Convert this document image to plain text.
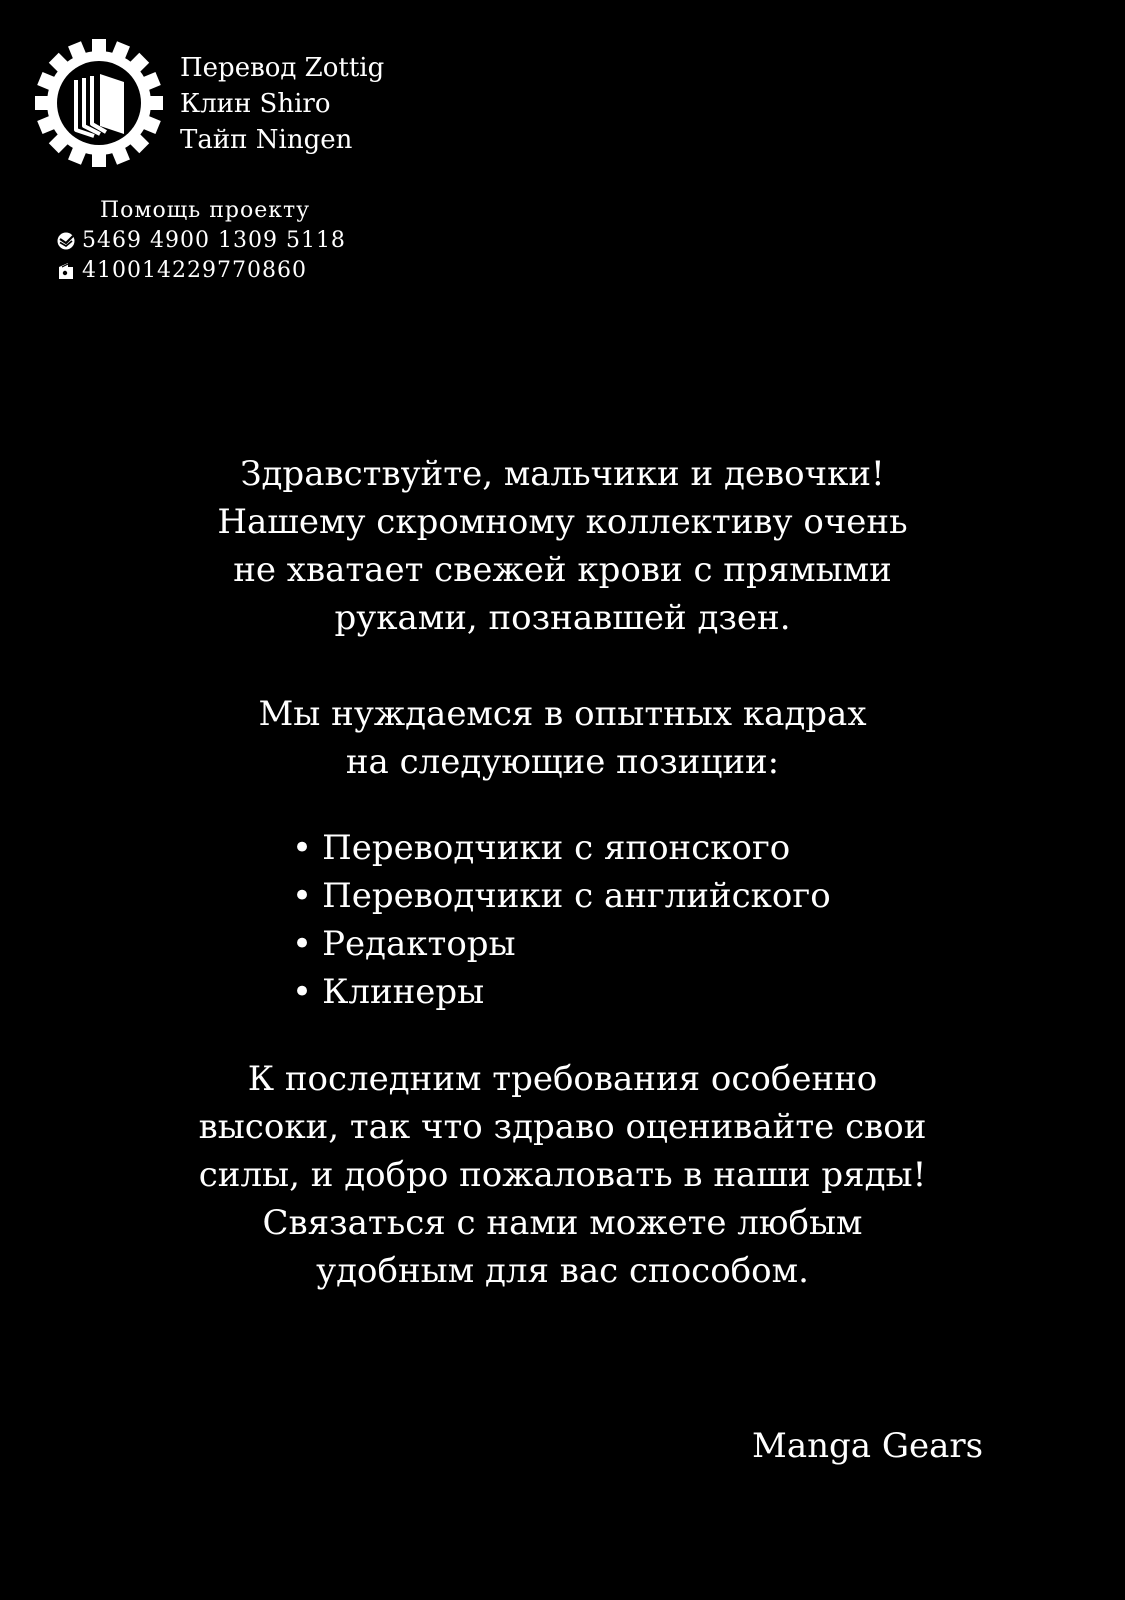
Перевод Zottig
Клин Shiro
Тайп Ningen
Помощь проекту
5469 4900 1309 5118
410014229770860
Здравствуйте, мальчики и девочки!
Нашему скромному коллективу очень
не хватает свежей крови с прямыми
руками, познавшей дзен.
Мы нуждаемся в опытных кадрах
на следующие позиции:
• Переводчики с японского
• Переводчики с английского
• Редакторы
• Клинеры
К последним требования особенно
высоки, так что здраво оценивайте свои
силы, и добро пожаловать в наши ряды!
Связаться с нами можете любым
удобным для вас способом.
Manga Gears
